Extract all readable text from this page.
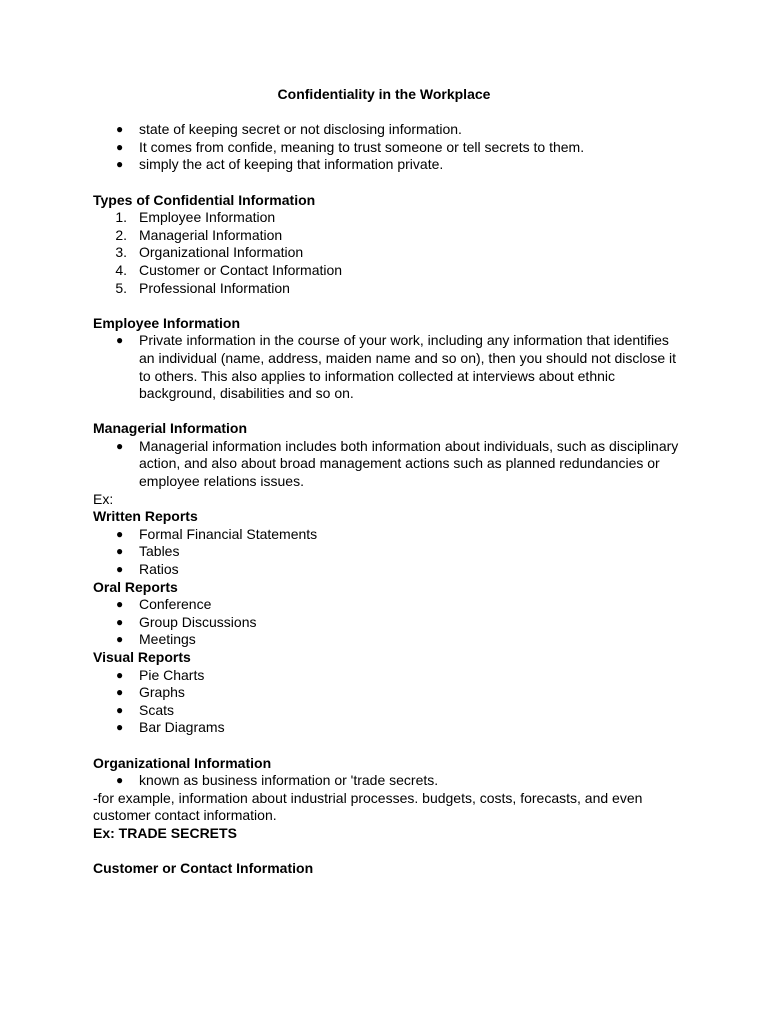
Confidentiality in the Workplace
●	state of keeping secret or not disclosing information.
●	It comes from confide, meaning to trust someone or tell secrets to them.
●	simply the act of keeping that information private.
Types of Confidential Information
1. Employee Information
2. Managerial Information
3. Organizational Information
4. Customer or Contact Information
5. Professional Information
Employee Information
●	Private information in the course of your work, including any information that identifies an individual (name, address, maiden name and so on), then you should not disclose it to others. This also applies to information collected at interviews about ethnic background, disabilities and so on.
Managerial Information
●	Managerial information includes both information about individuals, such as disciplinary action, and also about broad management actions such as planned redundancies or employee relations issues.
Ex:
Written Reports
●	Formal Financial Statements
●	Tables
●	Ratios
Oral Reports
●	Conference
●	Group Discussions
●	Meetings
Visual Reports
●	Pie Charts
●	Graphs
●	Scats
●	Bar Diagrams
Organizational Information
●	known as business information or 'trade secrets.
-for example, information about industrial processes. budgets, costs, forecasts, and even customer contact information.
Ex: TRADE SECRETS
Customer or Contact Information
